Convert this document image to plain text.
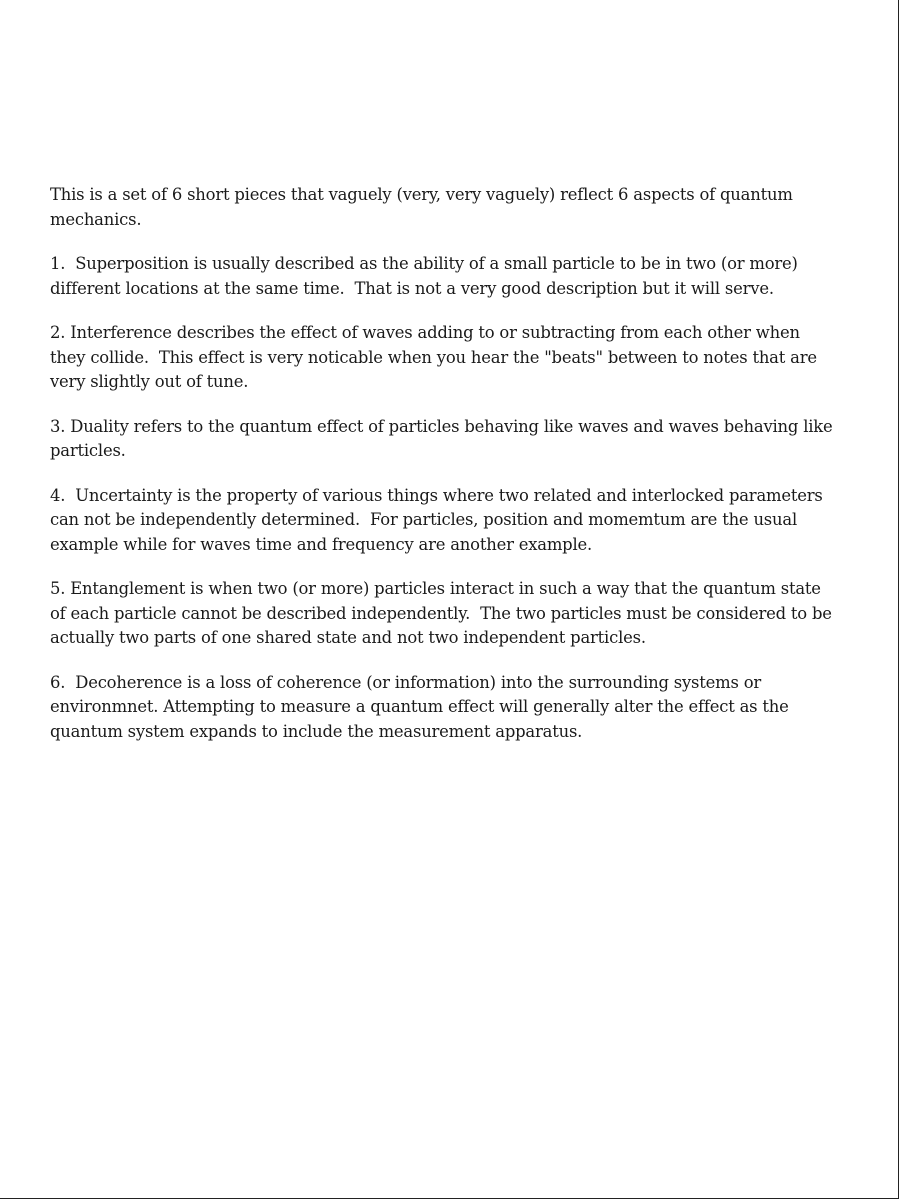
This is a set of 6 short pieces that vaguely (very, very vaguely) reflect 6 aspects of quantum mechanics.

1.  Superposition is usually described as the ability of a small particle to be in two (or more) different locations at the same time.  That is not a very good description but it will serve.

2. Interference describes the effect of waves adding to or subtracting from each other when they collide.  This effect is very noticable when you hear the "beats" between to notes that are very slightly out of tune.

3. Duality refers to the quantum effect of particles behaving like waves and waves behaving like particles.

4.  Uncertainty is the property of various things where two related and interlocked parameters can not be independently determined.  For particles, position and momemtum are the usual example while for waves time and frequency are another example.

5. Entanglement is when two (or more) particles interact in such a way that the quantum state of each particle cannot be described independently.  The two particles must be considered to be actually two parts of one shared state and not two independent particles.

6.  Decoherence is a loss of coherence (or information) into the surrounding systems or environmnet. Attempting to measure a quantum effect will generally alter the effect as the quantum system expands to include the measurement apparatus.
